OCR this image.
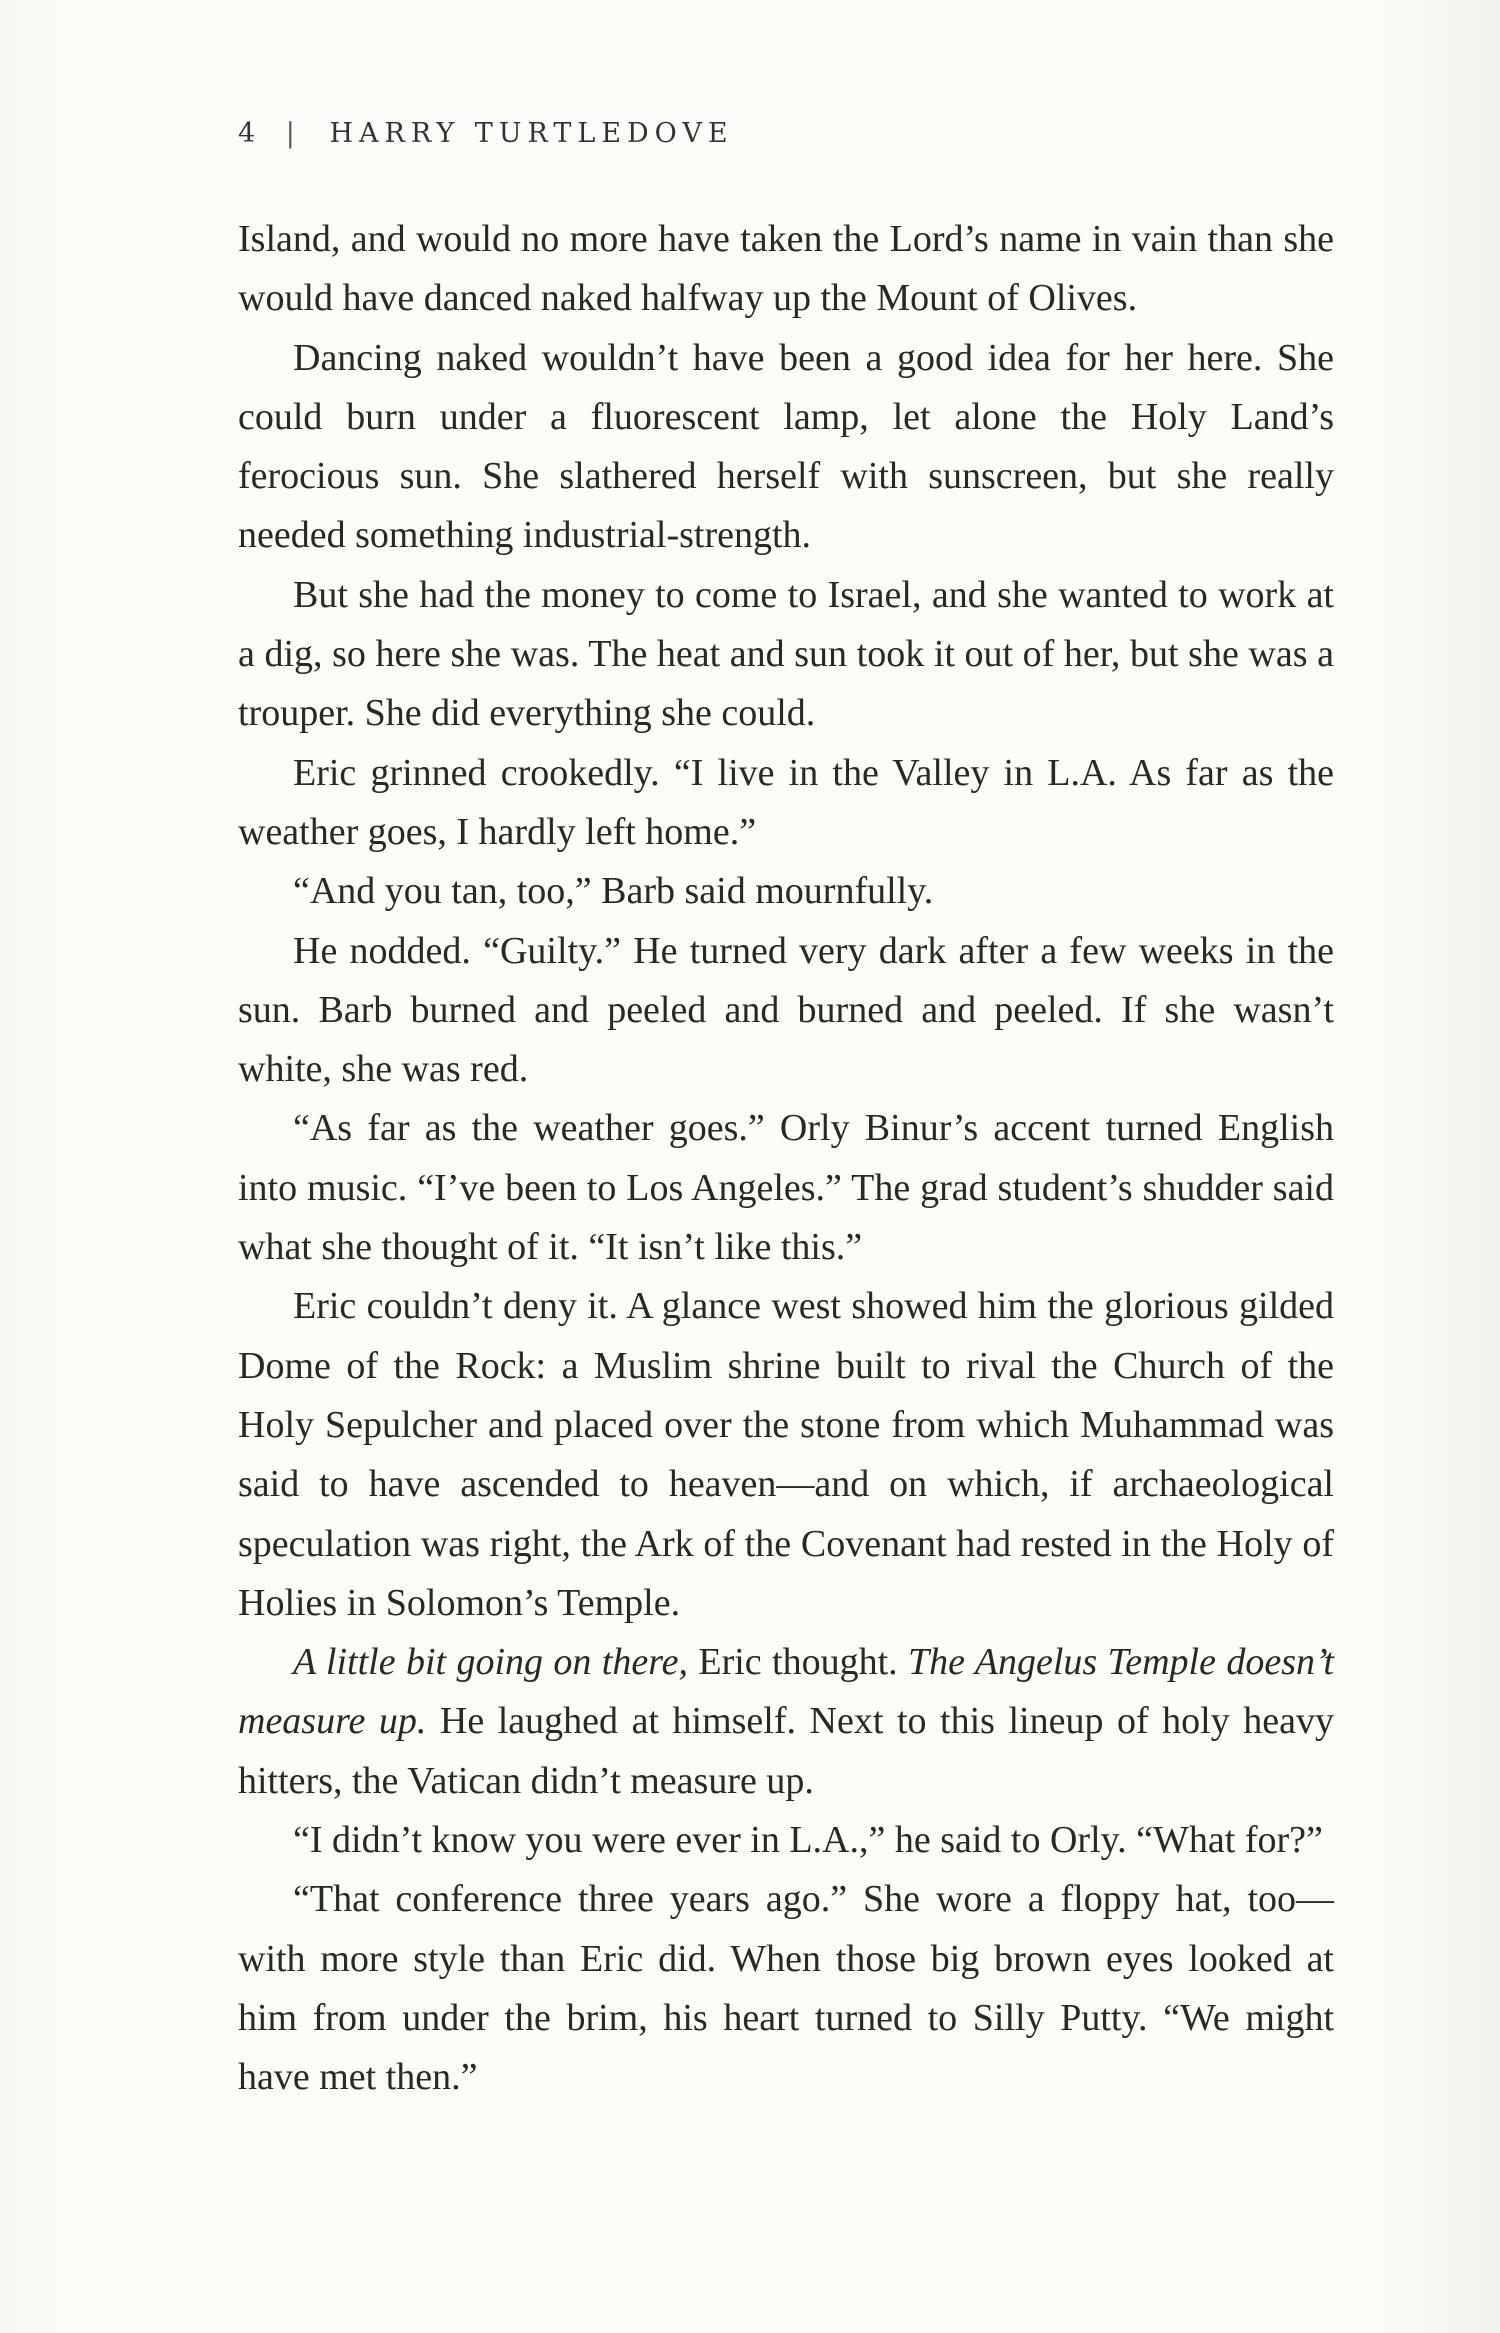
4 | HARRY TURTLEDOVE

Island, and would no more have taken the Lord’s name in vain than she would have danced naked halfway up the Mount of Olives.

Dancing naked wouldn’t have been a good idea for her here. She could burn under a fluorescent lamp, let alone the Holy Land’s ferocious sun. She slathered herself with sunscreen, but she really needed something industrial-strength.

But she had the money to come to Israel, and she wanted to work at a dig, so here she was. The heat and sun took it out of her, but she was a trouper. She did everything she could.

Eric grinned crookedly. “I live in the Valley in L.A. As far as the weather goes, I hardly left home.”

“And you tan, too,” Barb said mournfully.

He nodded. “Guilty.” He turned very dark after a few weeks in the sun. Barb burned and peeled and burned and peeled. If she wasn’t white, she was red.

“As far as the weather goes.” Orly Binur’s accent turned English into music. “I’ve been to Los Angeles.” The grad student’s shudder said what she thought of it. “It isn’t like this.”

Eric couldn’t deny it. A glance west showed him the glorious gilded Dome of the Rock: a Muslim shrine built to rival the Church of the Holy Sepulcher and placed over the stone from which Muhammad was said to have ascended to heaven—and on which, if archaeological speculation was right, the Ark of the Covenant had rested in the Holy of Holies in Solomon’s Temple.

A little bit going on there, Eric thought. The Angelus Temple doesn’t measure up. He laughed at himself. Next to this lineup of holy heavy hitters, the Vatican didn’t measure up.

“I didn’t know you were ever in L.A.,” he said to Orly. “What for?”

“That conference three years ago.” She wore a floppy hat, too—with more style than Eric did. When those big brown eyes looked at him from under the brim, his heart turned to Silly Putty. “We might have met then.”
